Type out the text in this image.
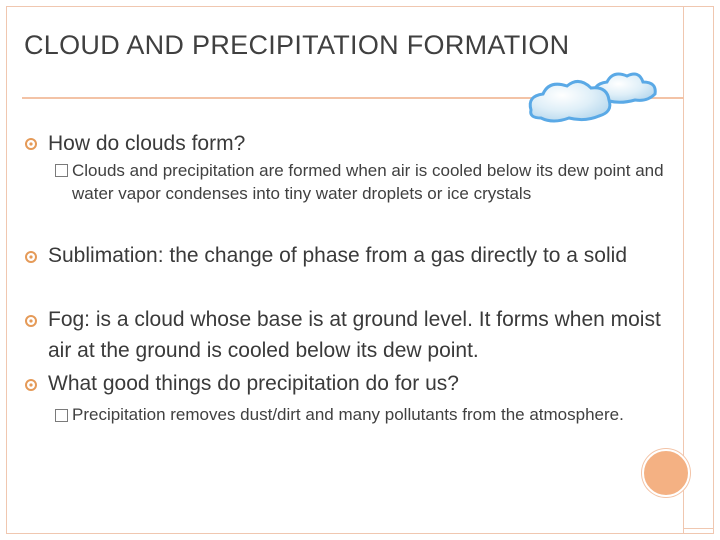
CLOUD AND PRECIPITATION FORMATION
How do clouds form?
Clouds and precipitation are formed when air is cooled below its dew point and water vapor condenses into tiny water droplets or ice crystals
Sublimation: the change of phase from a gas directly to a solid
Fog: is a cloud whose base is at ground level. It forms when moist air at the ground is cooled below its dew point.
What good things do precipitation do for us?
Precipitation removes dust/dirt and many pollutants from the atmosphere.
